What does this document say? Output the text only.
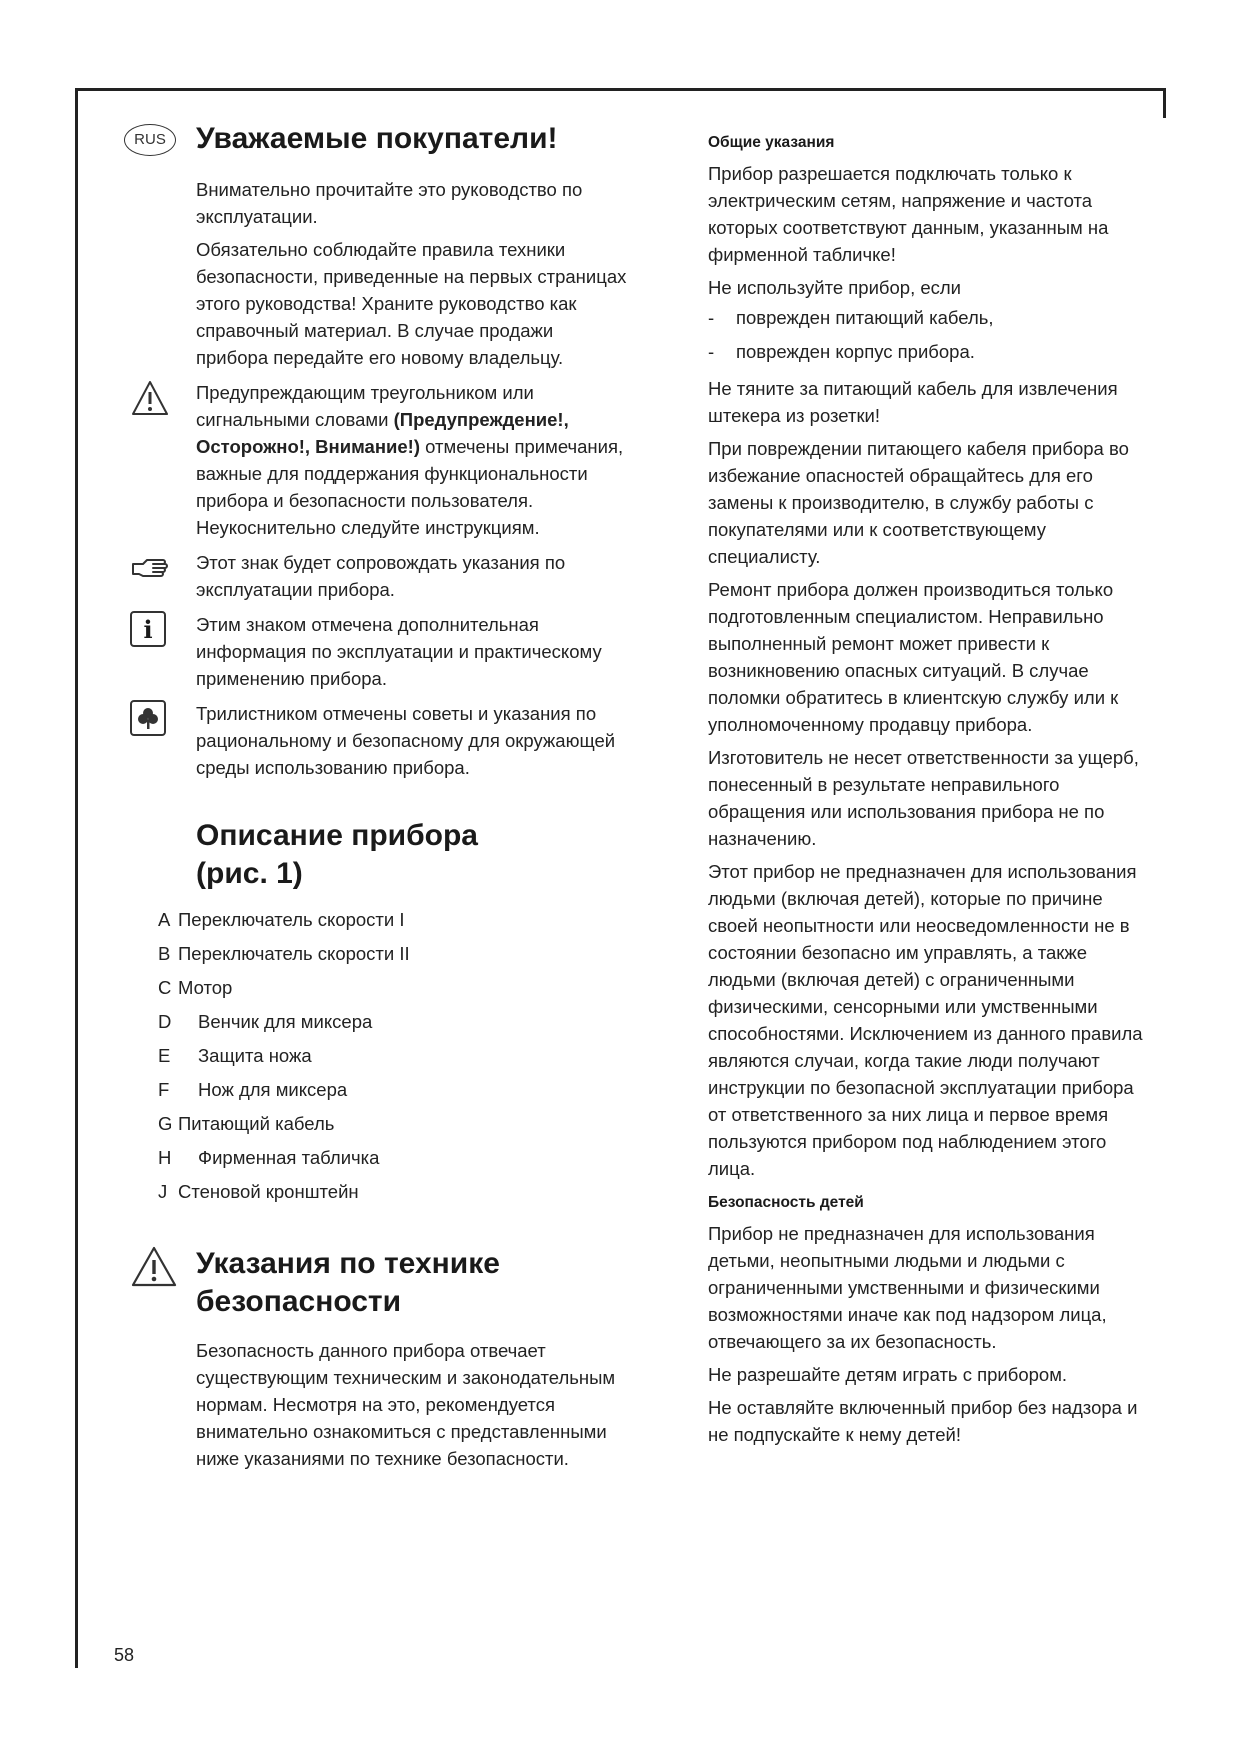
RUS	Уважаемые покупатели!

Внимательно прочитайте это руководство по эксплуатации.

Обязательно соблюдайте правила техники безопасности, приведенные на первых страницах этого руководства! Храните руководство как справочный материал. В случае продажи прибора передайте его новому владельцу.

Предупреждающим треугольником или сигнальными словами (Предупреждение!, Осторожно!, Внимание!) отмечены примечания, важные для поддержания функциональности прибора и безопасности пользователя. Неукоснительно следуйте инструкциям.

Этот знак будет сопровождать указания по эксплуатации прибора.

i	Этим знаком отмечена дополнительная информация по эксплуатации и практическому применению прибора.

Трилистником отмечены советы и указания по рациональному и безопасному для окружающей среды использованию прибора.

Описание прибора
(рис. 1)
A Переключатель скорости I
B Переключатель скорости II
C Мотор
D	Венчик для миксера
E	Защита ножа
F	Нож для миксера
G Питающий кабель
H	Фирменная табличка
J Стеновой кронштейн
Указания по технике
безопасности

Безопасность данного прибора отвечает существующим техническим и законодательным нормам. Несмотря на это, рекомендуется внимательно ознакомиться с представленными ниже указаниями по технике безопасности.

Общие указания

Прибор разрешается подключать только к электрическим сетям, напряжение и частота которых соответствуют данным, указанным на фирменной табличке!

Не используйте прибор, если

-	поврежден питающий кабель,
-	поврежден корпус прибора.

Не тяните за питающий кабель для извлечения штекера из розетки!

При повреждении питающего кабеля прибора во избежание опасностей обращайтесь для его замены к производителю, в службу работы с покупателями или к соответствующему специалисту.

Ремонт прибора должен производиться только подготовленным специалистом. Неправильно выполненный ремонт может привести к возникновению опасных ситуаций. В случае поломки обратитесь в клиентскую службу или к уполномоченному продавцу прибора.

Изготовитель не несет ответственности за ущерб, понесенный в результате неправильного обращения или использования прибора не по назначению.

Этот прибор не предназначен для использования людьми (включая детей), которые по причине своей неопытности или неосведомленности не в состоянии безопасно им управлять, а также людьми (включая детей) с ограниченными физическими, сенсорными или умственными способностями. Исключением из данного правила являются случаи, когда такие люди получают инструкции по безопасной эксплуатации прибора от ответственного за них лица и первое время пользуются прибором под наблюдением этого лица.

Безопасность детей

Прибор не предназначен для использования детьми, неопытными людьми и людьми с ограниченными умственными и физическими возможностями иначе как под надзором лица, отвечающего за их безопасность.

Не разрешайте детям играть с прибором.

Не оставляйте включенный прибор без надзора и не подпускайте к нему детей!

58
